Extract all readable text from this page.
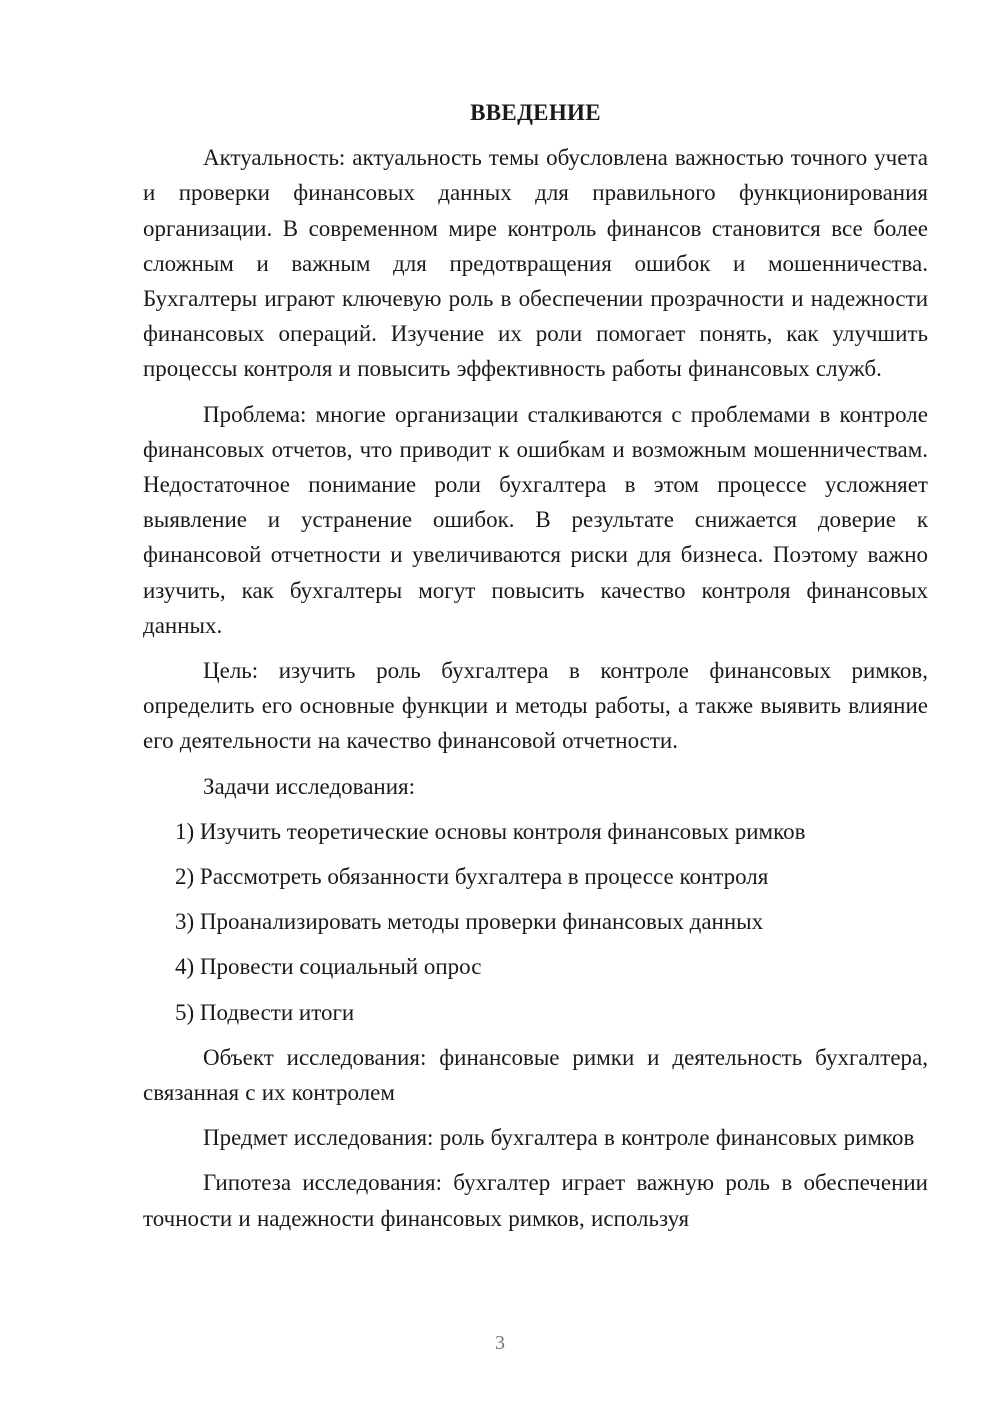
ВВЕДЕНИЕ

Актуальность: актуальность темы обусловлена важностью точного учета и проверки финансовых данных для правильного функционирования организации. В современном мире контроль финансов становится все более сложным и важным для предотвращения ошибок и мошенничества. Бухгалтеры играют ключевую роль в обеспечении прозрачности и надежности финансовых операций. Изучение их роли помогает понять, как улучшить процессы контроля и повысить эффективность работы финансовых служб.

Проблема: многие организации сталкиваются с проблемами в контроле финансовых отчетов, что приводит к ошибкам и возможным мошенничествам. Недостаточное понимание роли бухгалтера в этом процессе усложняет выявление и устранение ошибок. В результате снижается доверие к финансовой отчетности и увеличиваются риски для бизнеса. Поэтому важно изучить, как бухгалтеры могут повысить качество контроля финансовых данных.

Цель: изучить роль бухгалтера в контроле финансовых римков, определить его основные функции и методы работы, а также выявить влияние его деятельности на качество финансовой отчетности.

Задачи исследования:

1) Изучить теоретические основы контроля финансовых римков
2) Рассмотреть обязанности бухгалтера в процессе контроля
3) Проанализировать методы проверки финансовых данных
4) Провести социальный опрос
5) Подвести итоги

Объект исследования: финансовые римки и деятельность бухгалтера, связанная с их контролем

Предмет исследования: роль бухгалтера в контроле финансовых римков

Гипотеза исследования: бухгалтер играет важную роль в обеспечении точности и надежности финансовых римков, используя

3
